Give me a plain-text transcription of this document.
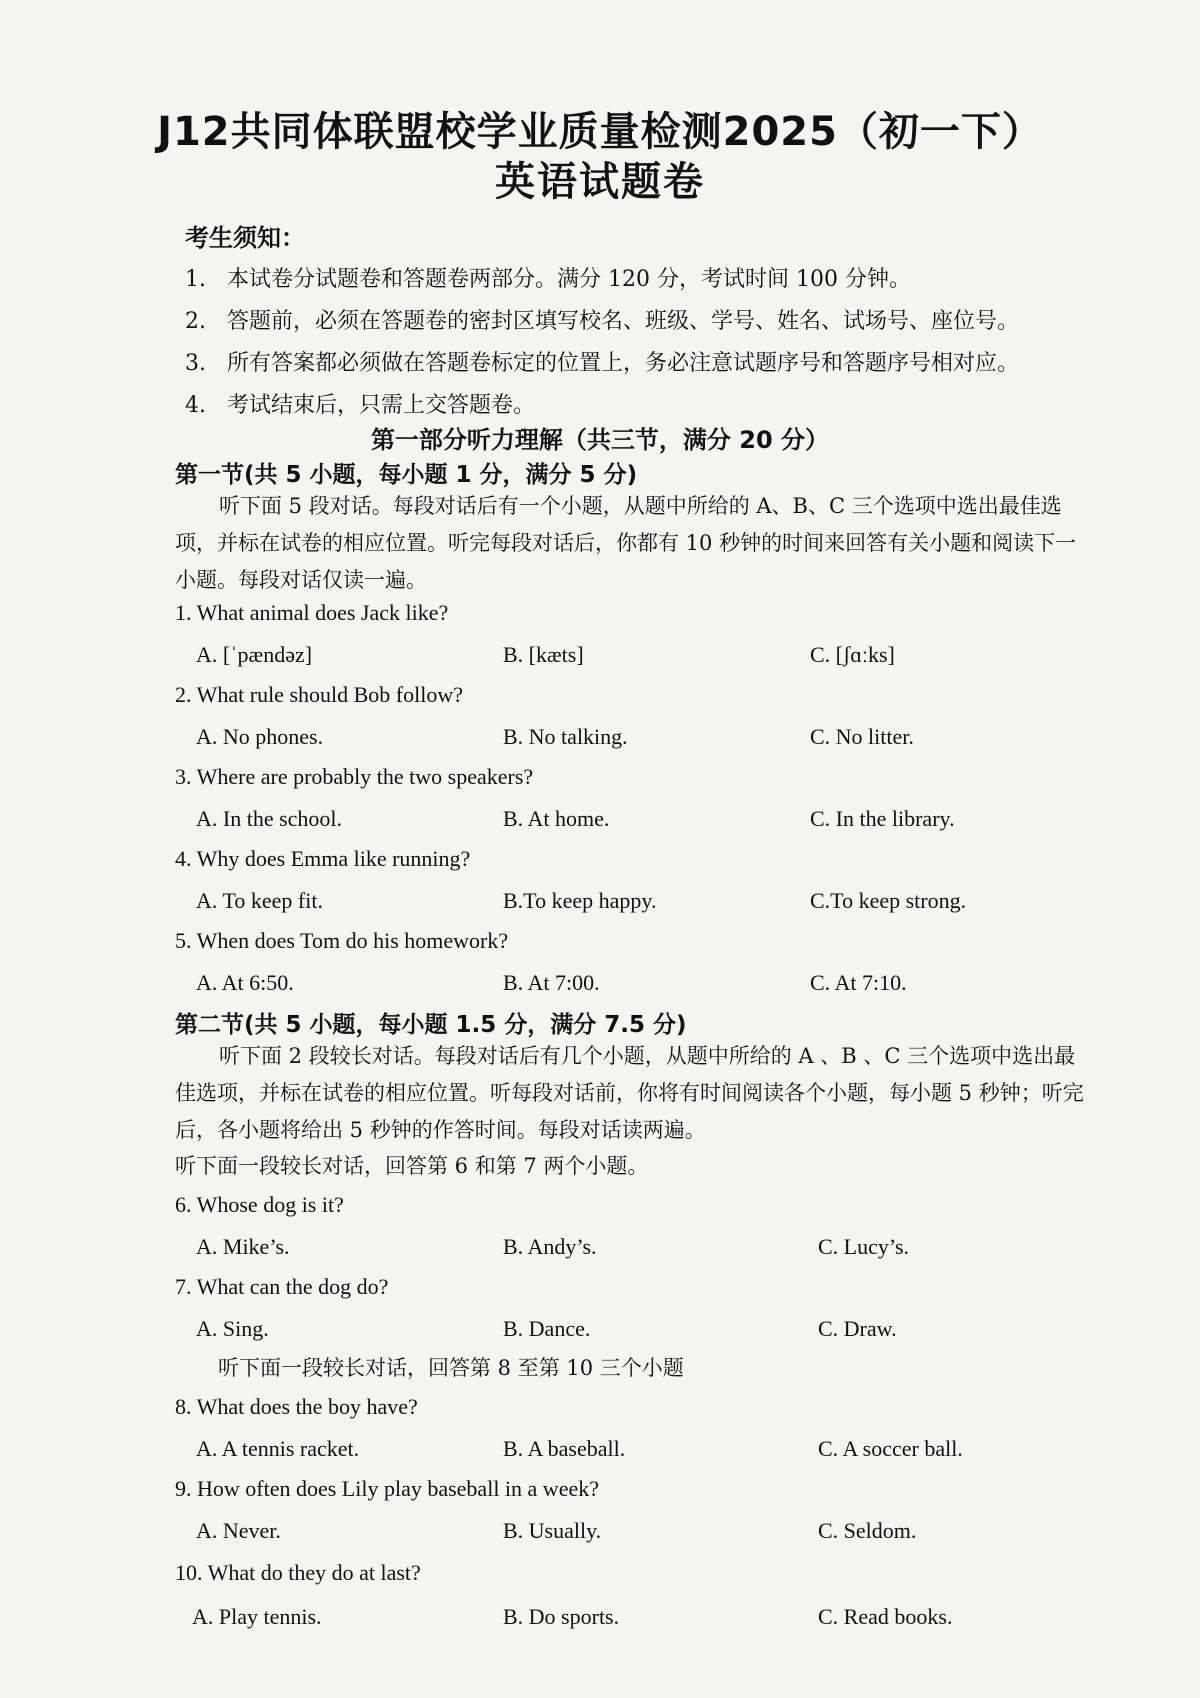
J12共同体联盟校学业质量检测2025（初一下）
英语试题卷
考生须知：
1. 本试卷分试题卷和答题卷两部分。满分 120 分，考试时间 100 分钟。
2. 答题前，必须在答题卷的密封区填写校名、班级、学号、姓名、试场号、座位号。
3. 所有答案都必须做在答题卷标定的位置上，务必注意试题序号和答题序号相对应。
4. 考试结束后，只需上交答题卷。
第一部分听力理解（共三节，满分 20 分）
第一节(共 5 小题，每小题 1 分，满分 5 分)
听下面 5 段对话。每段对话后有一个小题，从题中所给的 A、B、C 三个选项中选出最佳选项，并标在试卷的相应位置。听完每段对话后，你都有 10 秒钟的时间来回答有关小题和阅读下一小题。每段对话仅读一遍。
1. What animal does Jack like?
A. [ˈpændəz]	B. [kæts]	C. [ʃɑːks]
2. What rule should Bob follow?
A. No phones.	B. No talking.	C. No litter.
3. Where are probably the two speakers?
A. In the school.	B. At home.	C. In the library.
4. Why does Emma like running?
A. To keep fit.	B.To keep happy.	C.To keep strong.
5. When does Tom do his homework?
A. At 6:50.	B. At 7:00.	C. At 7:10.
第二节(共 5 小题，每小题 1.5 分，满分 7.5 分)
听下面 2 段较长对话。每段对话后有几个小题，从题中所给的 A 、B 、C 三个选项中选出最佳选项，并标在试卷的相应位置。听每段对话前，你将有时间阅读各个小题，每小题 5 秒钟；听完后，各小题将给出 5 秒钟的作答时间。每段对话读两遍。
听下面一段较长对话，回答第 6 和第 7 两个小题。
6. Whose dog is it?
A. Mike’s.	B. Andy’s.	C. Lucy’s.
7. What can the dog do?
A. Sing.	B. Dance.	C. Draw.
听下面一段较长对话，回答第 8 至第 10 三个小题
8. What does the boy have?
A. A tennis racket.	B. A baseball.	C. A soccer ball.
9. How often does Lily play baseball in a week?
A. Never.	B. Usually.	C. Seldom.
10. What do they do at last?
A. Play tennis.	B. Do sports.	C. Read books.
